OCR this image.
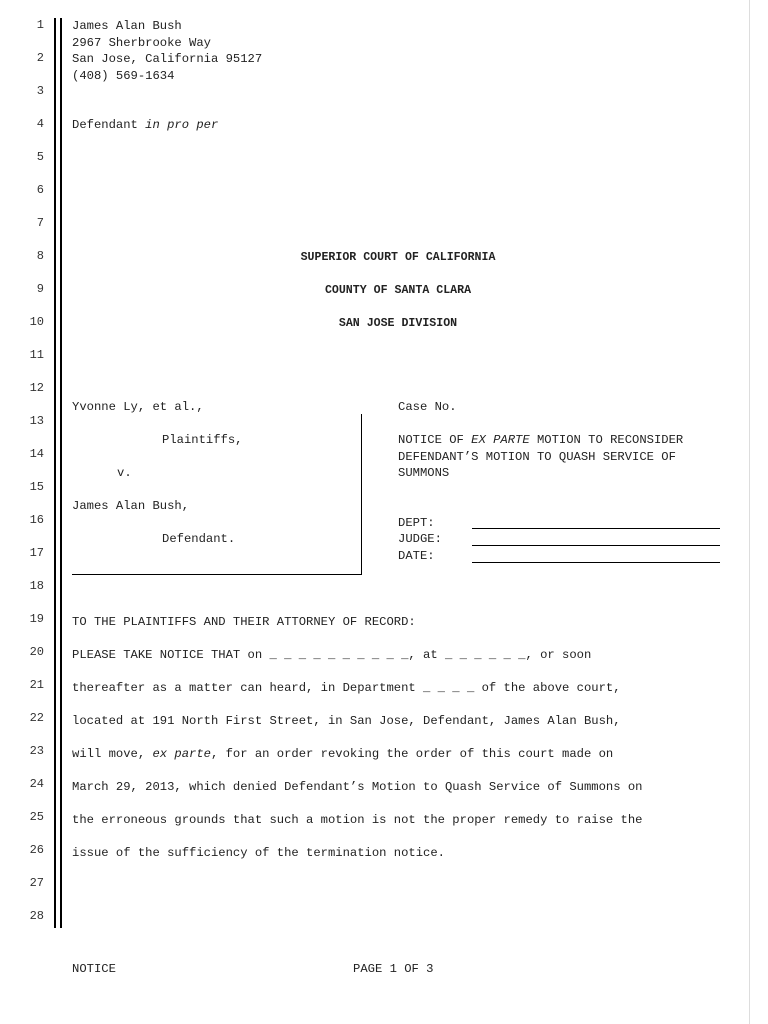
1
2
3
4
5
6
7
8
9
10
11
12
13
14
15
16
17
18
19
20
21
22
23
24
25
26
27
28
James Alan Bush
2967 Sherbrooke Way
San Jose, California 95127
(408) 569-1634
Defendant in pro per
SUPERIOR COURT OF CALIFORNIA
COUNTY OF SANTA CLARA
SAN JOSE DIVISION
Yvonne Ly, et al.,
Plaintiffs,
v.
James Alan Bush,
Defendant.
Case No.
NOTICE OF EX PARTE MOTION TO RECONSIDER
DEFENDANT’S MOTION TO QUASH SERVICE OF
SUMMONS
DEPT:
JUDGE:
DATE:
TO THE PLAINTIFFS AND THEIR ATTORNEY OF RECORD:
PLEASE TAKE NOTICE THAT on _ _ _ _ _ _ _ _ _ _, at _ _ _ _ _ _, or soon
thereafter as a matter can heard, in Department _ _ _ _ of the above court,
located at 191 North First Street, in San Jose, Defendant, James Alan Bush,
will move, ex parte, for an order revoking the order of this court made on
March 29, 2013, which denied Defendant’s Motion to Quash Service of Summons on
the erroneous grounds that such a motion is not the proper remedy to raise the
issue of the sufficiency of the termination notice.
NOTICE	PAGE 1 OF 3
